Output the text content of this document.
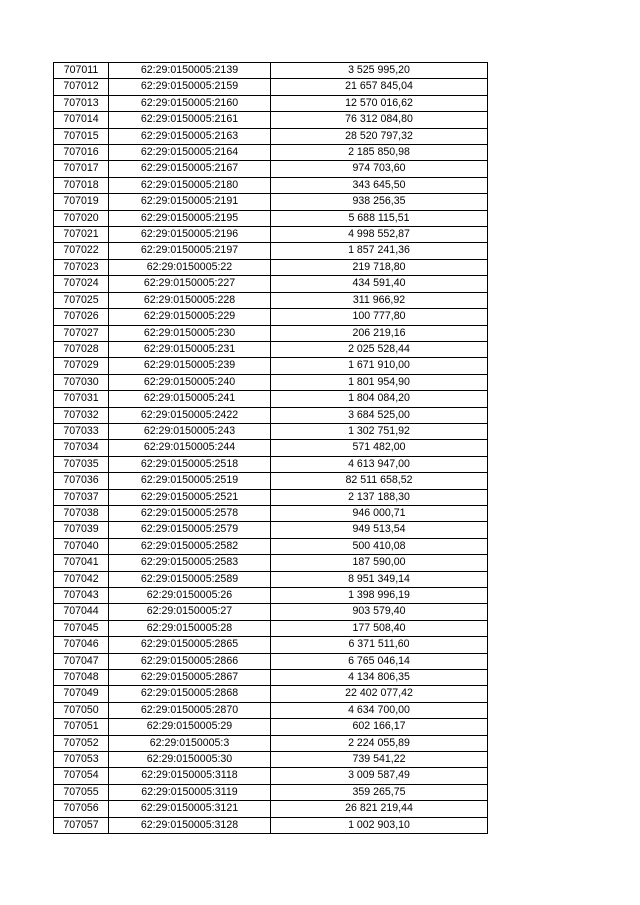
707011	62:29:0150005:2139	3 525 995,20
707012	62:29:0150005:2159	21 657 845,04
707013	62:29:0150005:2160	12 570 016,62
707014	62:29:0150005:2161	76 312 084,80
707015	62:29:0150005:2163	28 520 797,32
707016	62:29:0150005:2164	2 185 850,98
707017	62:29:0150005:2167	974 703,60
707018	62:29:0150005:2180	343 645,50
707019	62:29:0150005:2191	938 256,35
707020	62:29:0150005:2195	5 688 115,51
707021	62:29:0150005:2196	4 998 552,87
707022	62:29:0150005:2197	1 857 241,36
707023	62:29:0150005:22	219 718,80
707024	62:29:0150005:227	434 591,40
707025	62:29:0150005:228	311 966,92
707026	62:29:0150005:229	100 777,80
707027	62:29:0150005:230	206 219,16
707028	62:29:0150005:231	2 025 528,44
707029	62:29:0150005:239	1 671 910,00
707030	62:29:0150005:240	1 801 954,90
707031	62:29:0150005:241	1 804 084,20
707032	62:29:0150005:2422	3 684 525,00
707033	62:29:0150005:243	1 302 751,92
707034	62:29:0150005:244	571 482,00
707035	62:29:0150005:2518	4 613 947,00
707036	62:29:0150005:2519	82 511 658,52
707037	62:29:0150005:2521	2 137 188,30
707038	62:29:0150005:2578	946 000,71
707039	62:29:0150005:2579	949 513,54
707040	62:29:0150005:2582	500 410,08
707041	62:29:0150005:2583	187 590,00
707042	62:29:0150005:2589	8 951 349,14
707043	62:29:0150005:26	1 398 996,19
707044	62:29:0150005:27	903 579,40
707045	62:29:0150005:28	177 508,40
707046	62:29:0150005:2865	6 371 511,60
707047	62:29:0150005:2866	6 765 046,14
707048	62:29:0150005:2867	4 134 806,35
707049	62:29:0150005:2868	22 402 077,42
707050	62:29:0150005:2870	4 634 700,00
707051	62:29:0150005:29	602 166,17
707052	62:29:0150005:3	2 224 055,89
707053	62:29:0150005:30	739 541,22
707054	62:29:0150005:3118	3 009 587,49
707055	62:29:0150005:3119	359 265,75
707056	62:29:0150005:3121	26 821 219,44
707057	62:29:0150005:3128	1 002 903,10
